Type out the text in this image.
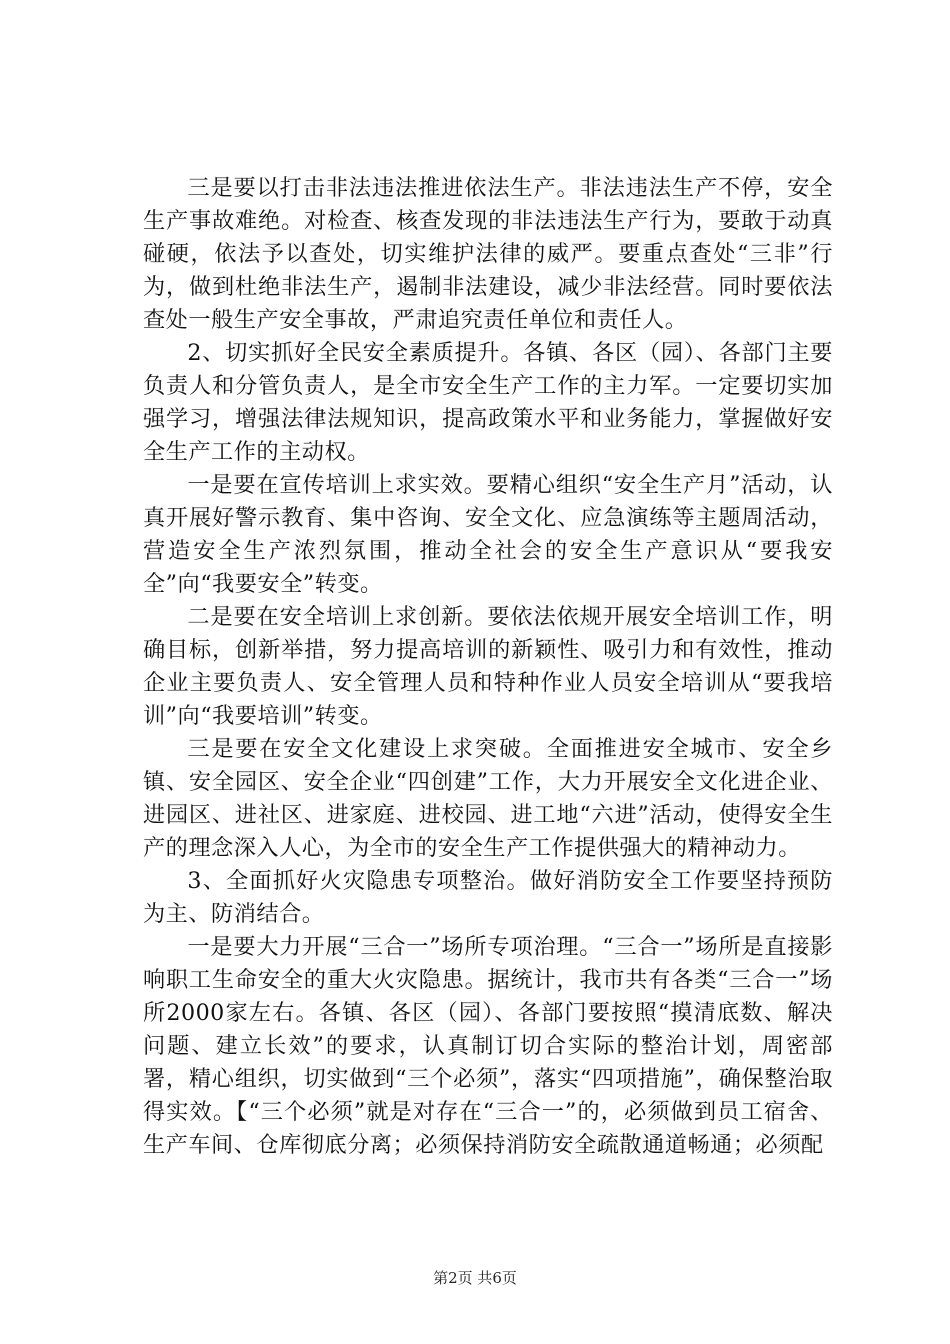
三是要以打击非法违法推进依法生产。非法违法生产不停，安全生产事故难绝。对检查、核查发现的非法违法生产行为，要敢于动真碰硬，依法予以查处，切实维护法律的威严。要重点查处“三非”行为，做到杜绝非法生产，遏制非法建设，减少非法经营。同时要依法查处一般生产安全事故，严肃追究责任单位和责任人。

2、切实抓好全民安全素质提升。各镇、各区（园）、各部门主要负责人和分管负责人，是全市安全生产工作的主力军。一定要切实加强学习，增强法律法规知识，提高政策水平和业务能力，掌握做好安全生产工作的主动权。

一是要在宣传培训上求实效。要精心组织“安全生产月”活动，认真开展好警示教育、集中咨询、安全文化、应急演练等主题周活动，营造安全生产浓烈氛围，推动全社会的安全生产意识从“要我安全”向“我要安全”转变。

二是要在安全培训上求创新。要依法依规开展安全培训工作，明确目标，创新举措，努力提高培训的新颖性、吸引力和有效性，推动企业主要负责人、安全管理人员和特种作业人员安全培训从“要我培训”向“我要培训”转变。

三是要在安全文化建设上求突破。全面推进安全城市、安全乡镇、安全园区、安全企业“四创建”工作，大力开展安全文化进企业、进园区、进社区、进家庭、进校园、进工地“六进”活动，使得安全生产的理念深入人心，为全市的安全生产工作提供强大的精神动力。

3、全面抓好火灾隐患专项整治。做好消防安全工作要坚持预防为主、防消结合。

一是要大力开展“三合一”场所专项治理。“三合一”场所是直接影响职工生命安全的重大火灾隐患。据统计，我市共有各类“三合一”场所2000家左右。各镇、各区（园）、各部门要按照“摸清底数、解决问题、建立长效”的要求，认真制订切合实际的整治计划，周密部署，精心组织，切实做到“三个必须”，落实“四项措施”，确保整治取得实效。【“三个必须”就是对存在“三合一”的，必须做到员工宿舍、生产车间、仓库彻底分离；必须保持消防安全疏散通道畅通；必须配

第2页 共6页
